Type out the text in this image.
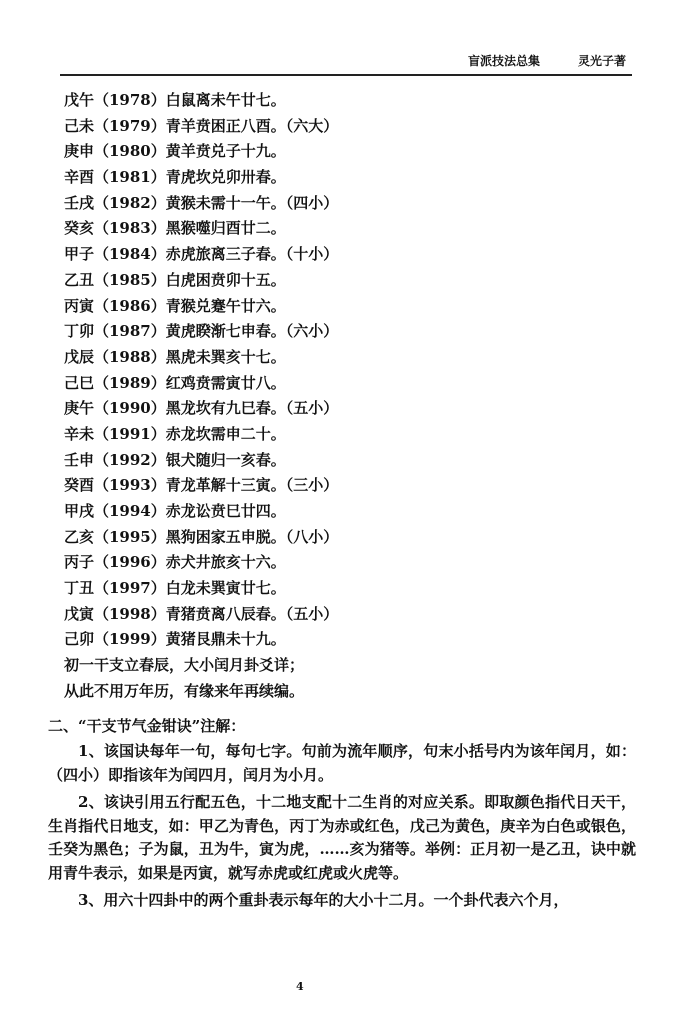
盲派技法总集	灵光子著
戊午（1978）白鼠离未午廿七。
己未（1979）青羊贲困正八酉。（六大）
庚申（1980）黄羊贲兑子十九。
辛酉（1981）青虎坎兑卯卅春。
壬戌（1982）黄猴未需十一午。（四小）
癸亥（1983）黑猴噬归酉廿二。
甲子（1984）赤虎旅离三子春。（十小）
乙丑（1985）白虎困贲卯十五。
丙寅（1986）青猴兑蹇午廿六。
丁卯（1987）黄虎睽渐七申春。（六小）
戊辰（1988）黑虎未巽亥十七。
己巳（1989）红鸡贲需寅廿八。
庚午（1990）黑龙坎有九巳春。（五小）
辛未（1991）赤龙坎需申二十。
壬申（1992）银犬随归一亥春。
癸酉（1993）青龙革解十三寅。（三小）
甲戌（1994）赤龙讼贲巳廿四。
乙亥（1995）黑狗困家五申脱。（八小）
丙子（1996）赤犬井旅亥十六。
丁丑（1997）白龙未巽寅廿七。
戊寅（1998）青猪贲离八辰春。（五小）
己卯（1999）黄猪艮鼎未十九。
初一干支立春辰，大小闰月卦爻详；
从此不用万年历，有缘来年再续编。
二、“干支节气金钳诀”注解：

1、该国诀每年一句，每句七字。句前为流年顺序，句末小括号内为该年闰月，如：（四小）即指该年为闰四月，闰月为小月。

2、该诀引用五行配五色，十二地支配十二生肖的对应关系。即取颜色指代日天干，生肖指代日地支，如：甲乙为青色，丙丁为赤或红色，戊己为黄色，庚辛为白色或银色，壬癸为黑色；子为鼠，丑为牛，寅为虎，……亥为猪等。举例：正月初一是乙丑，诀中就用青牛表示，如果是丙寅，就写赤虎或红虎或火虎等。

3、用六十四卦中的两个重卦表示每年的大小十二月。一个卦代表六个月，

4
